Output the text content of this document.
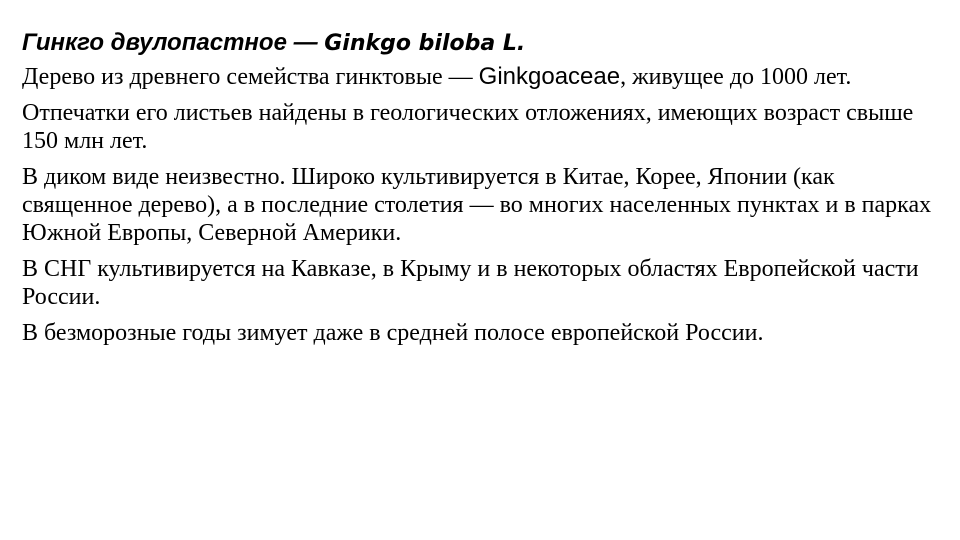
Гинкго двулопастное — Ginkgo biloba L.

Дерево из древнего семейства гинктовые — Ginkgoaceae, живущее до 1000 лет.

Отпечатки его листьев найдены в геологических отложениях, имеющих возраст свыше 150 млн лет.

В диком виде неизвестно. Широко культивируется в Китае, Корее, Японии (как священное дерево), а в последние столетия — во многих населенных пунктах и в парках Южной Европы, Северной Америки.

В СНГ культивируется на Кавказе, в Крыму и в некоторых областях Европейской части России.

В безморозные годы зимует даже в средней полосе европейской России.
